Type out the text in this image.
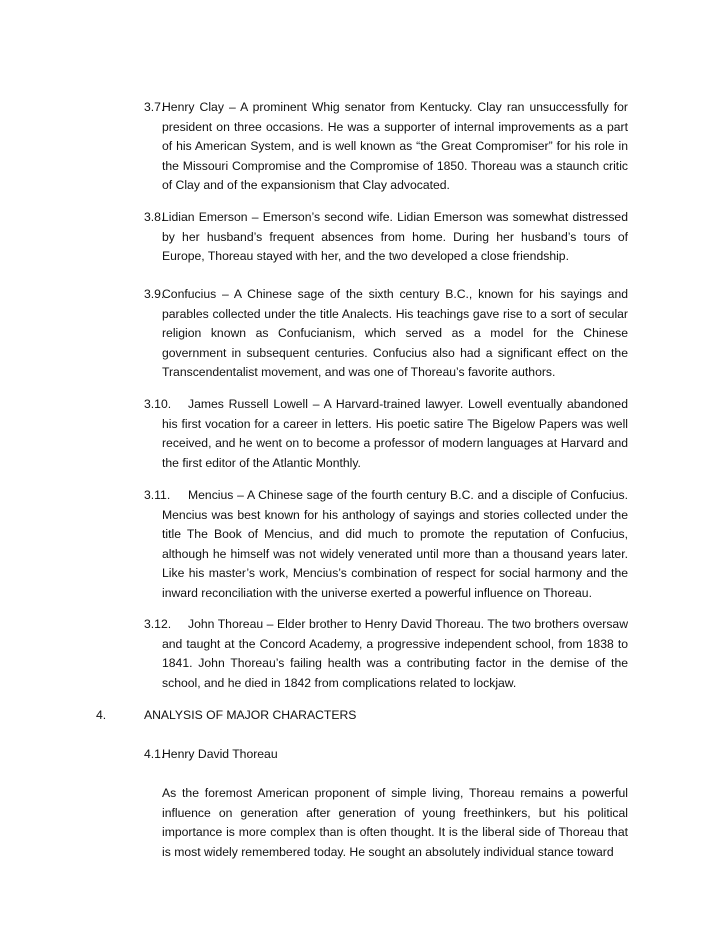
3.7.
Henry Clay – A prominent Whig senator from Kentucky. Clay ran unsuccessfully for president on three occasions. He was a supporter of internal improvements as a part of his American System, and is well known as “the Great Compromiser” for his role in the Missouri Compromise and the Compromise of 1850. Thoreau was a staunch critic of Clay and of the expansionism that Clay advocated.
3.8.
Lidian Emerson – Emerson’s second wife. Lidian Emerson was somewhat distressed by her husband’s frequent absences from home. During her husband’s tours of Europe, Thoreau stayed with her, and the two developed a close friendship.
3.9.
Confucius – A Chinese sage of the sixth century B.C., known for his sayings and parables collected under the title Analects. His teachings gave rise to a sort of secular religion known as Confucianism, which served as a model for the Chinese government in subsequent centuries. Confucius also had a significant effect on the Transcendentalist movement, and was one of Thoreau’s favorite authors.
3.10.	James Russell Lowell – A Harvard-trained lawyer. Lowell eventually abandoned his first vocation for a career in letters. His poetic satire The Bigelow Papers was well received, and he went on to become a professor of modern languages at Harvard and the first editor of the Atlantic Monthly.
3.11.	Mencius – A Chinese sage of the fourth century B.C. and a disciple of Confucius. Mencius was best known for his anthology of sayings and stories collected under the title The Book of Mencius, and did much to promote the reputation of Confucius, although he himself was not widely venerated until more than a thousand years later. Like his master’s work, Mencius’s combination of respect for social harmony and the inward reconciliation with the universe exerted a powerful influence on Thoreau.
3.12.	John Thoreau – Elder brother to Henry David Thoreau. The two brothers oversaw and taught at the Concord Academy, a progressive independent school, from 1838 to 1841. John Thoreau’s failing health was a contributing factor in the demise of the school, and he died in 1842 from complications related to lockjaw.
4.	ANALYSIS OF MAJOR CHARACTERS
4.1.Henry David Thoreau
As the foremost American proponent of simple living, Thoreau remains a powerful influence on generation after generation of young freethinkers, but his political importance is more complex than is often thought. It is the liberal side of Thoreau that is most widely remembered today. He sought an absolutely individual stance toward
